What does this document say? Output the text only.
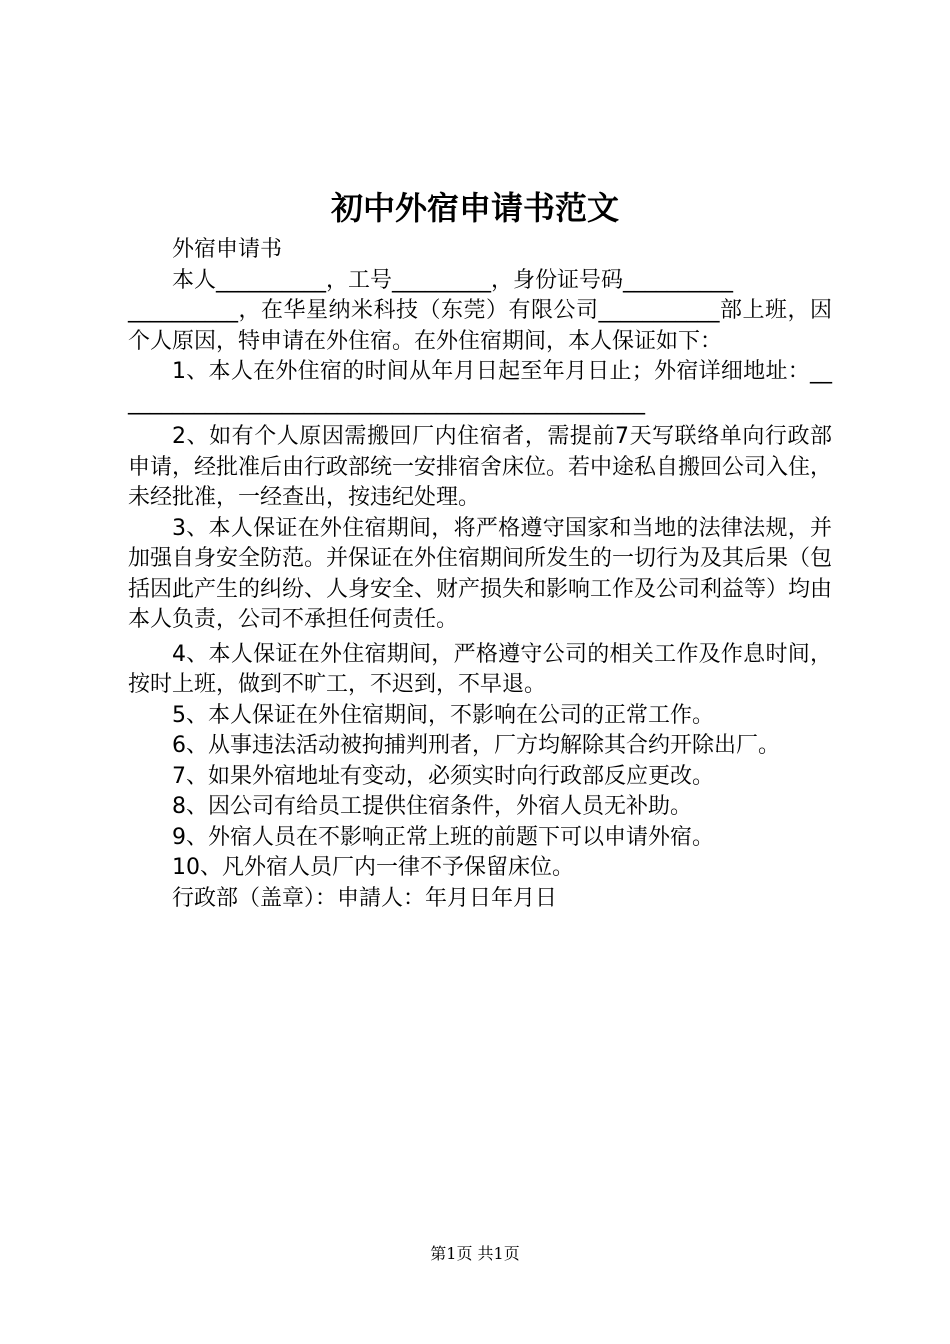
初中外宿申请书范文

外宿申请书

本人__________，工号_________，身份证号码__________

__________，在华星纳米科技（东莞）有限公司___________部上班，因个人原因，特申请在外住宿。在外住宿期间，本人保证如下：

1、本人在外住宿的时间从年月日起至年月日止；外宿详细地址：_________________________________________________

2、如有个人原因需搬回厂内住宿者，需提前7天写联络单向行政部申请，经批准后由行政部统一安排宿舍床位。若中途私自搬回公司入住，未经批准，一经查出，按违纪处理。

3、本人保证在外住宿期间，将严格遵守国家和当地的法律法规，并加强自身安全防范。并保证在外住宿期间所发生的一切行为及其后果（包括因此产生的纠纷、人身安全、财产损失和影响工作及公司利益等）均由本人负责，公司不承担任何责任。

4、本人保证在外住宿期间，严格遵守公司的相关工作及作息时间，按时上班，做到不旷工，不迟到，不早退。

5、本人保证在外住宿期间，不影响在公司的正常工作。

6、从事违法活动被拘捕判刑者，厂方均解除其合约开除出厂。

7、如果外宿地址有变动，必须实时向行政部反应更改。

8、因公司有给员工提供住宿条件，外宿人员无补助。

9、外宿人员在不影响正常上班的前题下可以申请外宿。

10、凡外宿人员厂内一律不予保留床位。

行政部（盖章）：申請人：年月日年月日

第1页 共1页
